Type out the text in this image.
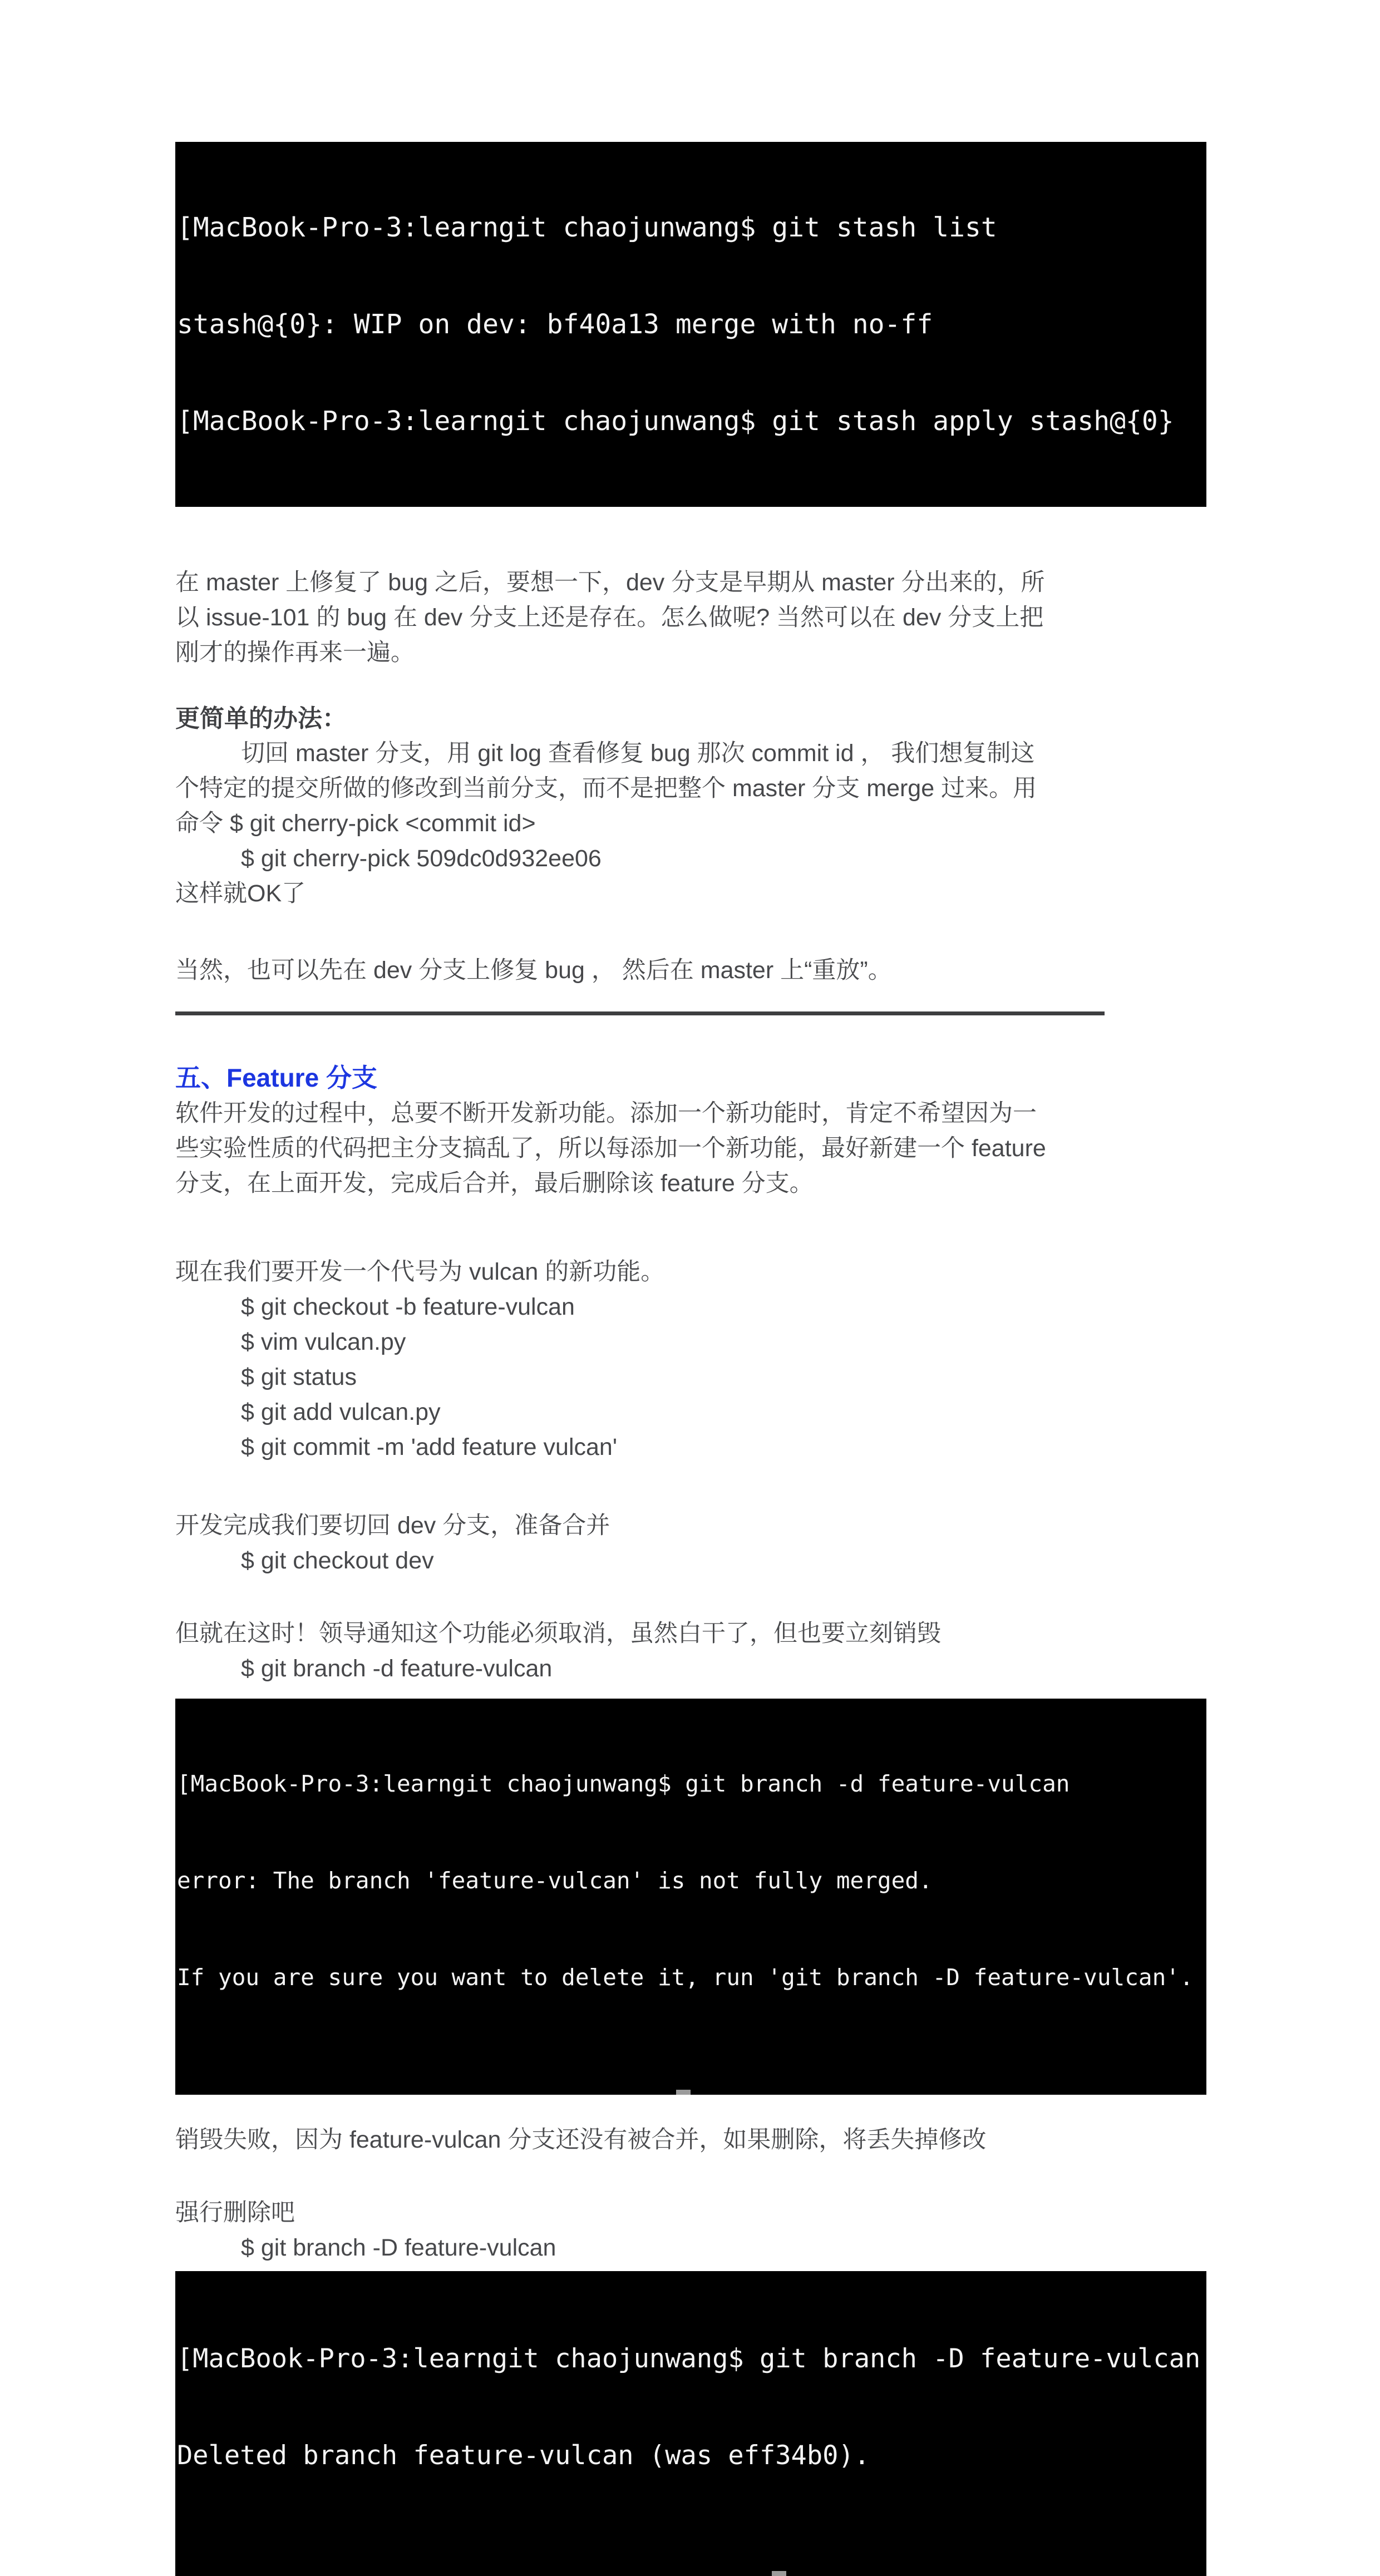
[MacBook-Pro-3:learngit chaojunwang$ git stash list

stash@{0}: WIP on dev: bf40a13 merge with no-ff

[MacBook-Pro-3:learngit chaojunwang$ git stash apply stash@{0}

在 master 上修复了 bug 之后，要想一下，dev 分支是早期从 master 分出来的，所
以 issue-101 的 bug 在 dev 分支上还是存在。怎么做呢? 当然可以在 dev 分支上把
刚才的操作再来一遍。
更简单的办法：
切回 master 分支，用 git log 查看修复 bug 那次 commit id ， 我们想复制这
个特定的提交所做的修改到当前分支，而不是把整个 master 分支 merge 过来。用
命令 $ git cherry-pick <commit id>
$ git cherry-pick 509dc0d932ee06
这样就OK了
当然，也可以先在 dev 分支上修复 bug ， 然后在 master 上“重放”。
五、Feature 分支
软件开发的过程中，总要不断开发新功能。添加一个新功能时，肯定不希望因为一
些实验性质的代码把主分支搞乱了，所以每添加一个新功能，最好新建一个 feature
分支，在上面开发，完成后合并，最后删除该 feature 分支。
现在我们要开发一个代号为 vulcan 的新功能。
$ git checkout -b feature-vulcan
$ vim vulcan.py
$ git status
$ git add vulcan.py
$ git commit -m 'add feature vulcan'
开发完成我们要切回 dev 分支，准备合并
$ git checkout dev
但就在这时！领导通知这个功能必须取消，虽然白干了，但也要立刻销毁
$ git branch -d feature-vulcan

[MacBook-Pro-3:learngit chaojunwang$ git branch -d feature-vulcan

error: The branch 'feature-vulcan' is not fully merged.

If you are sure you want to delete it, run 'git branch -D feature-vulcan'.

销毁失败，因为 feature-vulcan 分支还没有被合并，如果删除，将丢失掉修改
强行删除吧
$ git branch -D feature-vulcan

[MacBook-Pro-3:learngit chaojunwang$ git branch -D feature-vulcan

Deleted branch feature-vulcan (was eff34b0).
